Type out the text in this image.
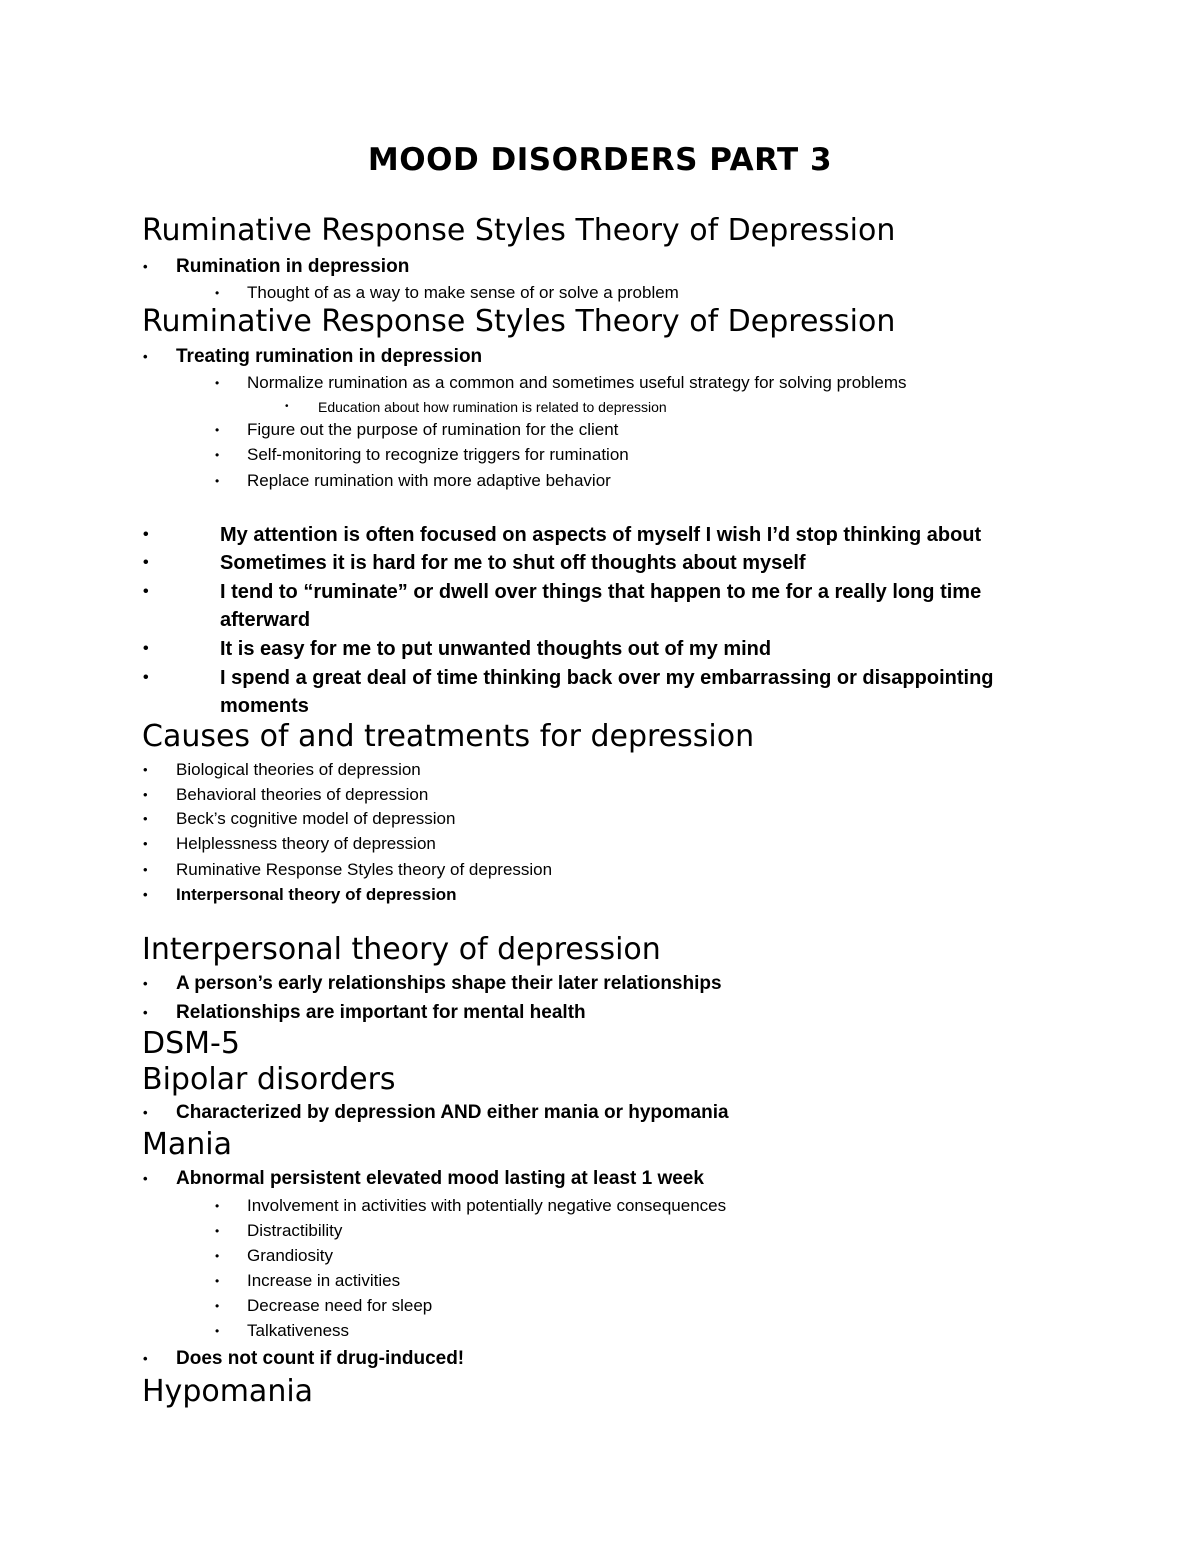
MOOD DISORDERS PART 3
Ruminative Response Styles Theory of Depression
• Rumination in depression
• Thought of as a way to make sense of or solve a problem
Ruminative Response Styles Theory of Depression
• Treating rumination in depression
• Normalize rumination as a common and sometimes useful strategy for solving problems
• Education about how rumination is related to depression
• Figure out the purpose of rumination for the client
• Self-monitoring to recognize triggers for rumination
• Replace rumination with more adaptive behavior
•	My attention is often focused on aspects of myself I wish I’d stop thinking about
•	Sometimes it is hard for me to shut off thoughts about myself
•	I tend to “ruminate” or dwell over things that happen to me for a really long time afterward
•	It is easy for me to put unwanted thoughts out of my mind
•	I spend a great deal of time thinking back over my embarrassing or disappointing moments
Causes of and treatments for depression
• Biological theories of depression
• Behavioral theories of depression
• Beck’s cognitive model of depression
• Helplessness theory of depression
• Ruminative Response Styles theory of depression
• Interpersonal theory of depression
Interpersonal theory of depression
• A person’s early relationships shape their later relationships
• Relationships are important for mental health
DSM-5
Bipolar disorders
• Characterized by depression AND either mania or hypomania
Mania
• Abnormal persistent elevated mood lasting at least 1 week
• Involvement in activities with potentially negative consequences
• Distractibility
• Grandiosity
• Increase in activities
• Decrease need for sleep
• Talkativeness
• Does not count if drug-induced!
Hypomania
